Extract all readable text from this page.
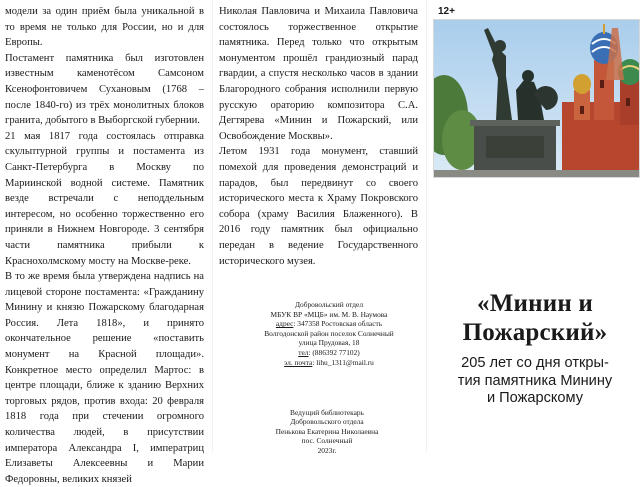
модели за один приём была уникальной в то время не только для России, но и для Европы.

Постамент памятника был изготовлен известным каменотёсом Самсоном Ксенофонтовичем Сухановым (1768 – после 1840-го) из трёх монолитных блоков гранита, добытого в Выборгской губернии.

21 мая 1817 года состоялась отправка скульптурной группы и постамента из Санкт-Петербурга в Москву по Мариинской водной системе. Памятник везде встречали с неподдельным интересом, но особенно торжественно его приняли в Нижнем Новгороде. 3 сентября части памятника прибыли к Краснохолмскому мосту на Москве-реке.

В то же время была утверждена надпись на лицевой стороне постамента: «Гражданину Минину и князю Пожарскому благодарная Россия. Лета 1818», и принято окончательное решение «поставить монумент на Красной площади». Конкретное место определил Мартос: в центре площади, ближе к зданию Верхних торговых рядов, против входа: 20 февраля 1818 года при стечении огромного количества людей, в присутствии императора Александра I, императриц Елизаветы Алексеевны и Марии Федоровны, великих князей

Николая Павловича и Михаила Павловича состоялось торжественное открытие памятника. Перед только что открытым монументом прошёл грандиозный парад гвардии, а спустя несколько часов в здании Благородного собрания исполнили первую русскую ораторию композитора С.А. Дегтярева «Минин и Пожарский, или Освобождение Москвы».

Летом 1931 года монумент, ставший помехой для проведения демонстраций и парадов, был передвинут со своего исторического места к Храму Покровского собора (храму Василия Блаженного). В 2016 году памятник был официально передан в ведение Государственного исторического музея.

Добровольский отдел
МБУК ВР «МЦБ» им. М. В. Наумова
адрес: 347358 Ростовская область
Волгодонской район поселок Солнечный
улица Прудовая, 18
тел: (886392 77102)
эл. почта: lihu_1311@mail.ru
Ведущий библиотекарь
Добровольского отдела
Пенькова Екатерина Николаевна
пос. Солнечный
2023г.
12+
«Минин и
Пожарский»
205 лет со дня откры-
тия памятника Минину
и Пожарскому
